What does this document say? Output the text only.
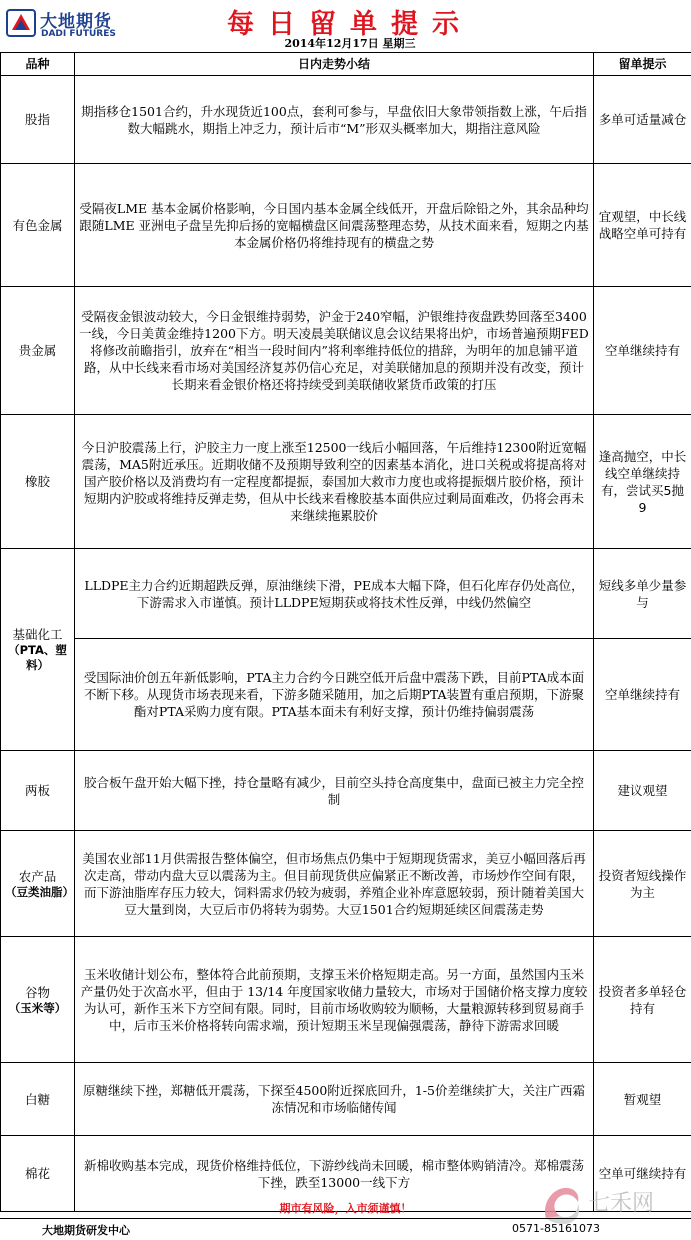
大地期货
DADI FUTURES	每日留单提示
2014年12月17日 星期三
品种	日内走势小结	留单提示
股指	期指移仓1501合约，升水现货近100点，套利可参与，早盘依旧大象带领指数上涨，午后指数大幅跳水，期指上冲乏力，预计后市“M”形双头概率加大，期指注意风险	多单可适量减仓
有色金属	受隔夜LME 基本金属价格影响，今日国内基本金属全线低开，开盘后除铅之外，其余品种均跟随LME 亚洲电子盘呈先抑后扬的宽幅横盘区间震荡整理态势，从技术面来看，短期之内基本金属价格仍将维持现有的横盘之势	宜观望，中长线战略空单可持有
贵金属	受隔夜金银波动较大，今日金银维持弱势，沪金于240窄幅，沪银维持夜盘跌势回落至3400一线，今日美黄金维持1200下方。明天凌晨美联储议息会议结果将出炉，市场普遍预期FED将修改前瞻指引，放弃在“相当一段时间内”将利率维持低位的措辞，为明年的加息铺平道路，从中长线来看市场对美国经济复苏仍信心充足，对美联储加息的预期并没有改变，预计长期来看金银价格还将持续受到美联储收紧货币政策的打压	空单继续持有
橡胶	今日沪胶震荡上行，沪胶主力一度上涨至12500一线后小幅回落，午后维持12300附近宽幅震荡，MA5附近承压。近期收储不及预期导致利空的因素基本消化，进口关税或将提高将对国产胶价格以及消费均有一定程度都提振，泰国加大救市力度也或将提振烟片胶价格，预计短期内沪胶或将维持反弹走势，但从中长线来看橡胶基本面供应过剩局面难改，仍将会再未来继续拖累胶价	逢高抛空，中长线空单继续持有，尝试买5抛9
基础化工
（PTA、塑料）	LLDPE主力合约近期超跌反弹，原油继续下滑，PE成本大幅下降，但石化库存仍处高位，下游需求入市谨慎。预计LLDPE短期获或将技术性反弹，中线仍然偏空	短线多单少量参与
	受国际油价创五年新低影响，PTA主力合约今日跳空低开后盘中震荡下跌，目前PTA成本面不断下移。从现货市场表现来看，下游多随采随用，加之后期PTA装置有重启预期，下游聚酯对PTA采购力度有限。PTA基本面未有利好支撑，预计仍维持偏弱震荡	空单继续持有
两板	胶合板午盘开始大幅下挫，持仓量略有减少，目前空头持仓高度集中，盘面已被主力完全控制	建议观望
农产品
（豆类油脂）	美国农业部11月供需报告整体偏空，但市场焦点仍集中于短期现货需求，美豆小幅回落后再次走高，带动内盘大豆以震荡为主。但目前现货供应偏紧正不断改善，市场炒作空间有限，而下游油脂库存压力较大，饲料需求仍较为疲弱，养殖企业补库意愿较弱，预计随着美国大豆大量到岗，大豆后市仍将转为弱势。大豆1501合约短期延续区间震荡走势	投资者短线操作为主
谷物
（玉米等）	玉米收储计划公布，整体符合此前预期，支撑玉米价格短期走高。另一方面，虽然国内玉米产量仍处于次高水平，但由于 13/14 年度国家收储力量较大，市场对于国储价格支撑力度较为认可，新作玉米下方空间有限。同时，目前市场收购较为顺畅，大量粮源转移到贸易商手中，后市玉米价格将转向需求端，预计短期玉米呈现偏强震荡，静待下游需求回暖	投资者多单轻仓持有
白糖	原糖继续下挫，郑糖低开震荡，下探至4500附近探底回升，1-5价差继续扩大，关注广西霜冻情况和市场临储传闻	暂观望
棉花	新棉收购基本完成，现货价格维持低位，下游纱线尚未回暖，棉市整体购销清冷。郑棉震荡下挫，跌至13000一线下方	空单可继续持有
七禾网
期市有风险，入市须谨慎！
大地期货研发中心	0571-85161073
